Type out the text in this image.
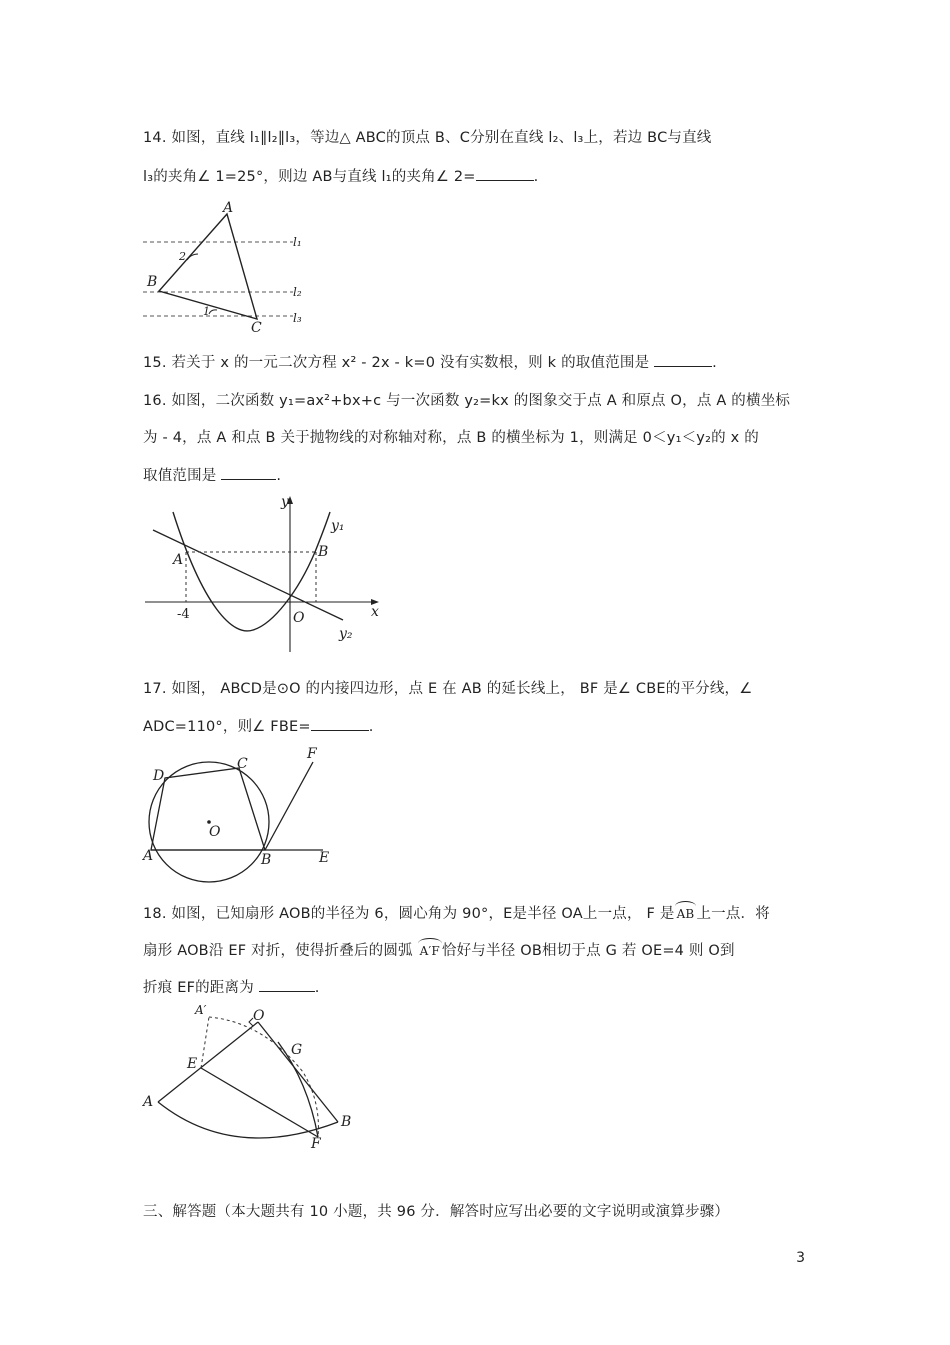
14. 如图，直线 l₁∥l₂∥l₃，等边△ ABC的顶点 B、C分别在直线 l₂、l₃上，若边 BC与直线
l₃的夹角∠ 1=25°，则边 AB与直线 l₁的夹角∠ 2=	.
A
B
C
2
1
l₁
l₂
l₃
15. 若关于 x 的一元二次方程 x² - 2x - k=0 没有实数根，则 k 的取值范围是	.
16. 如图，二次函数 y₁=ax²+bx+c 与一次函数 y₂=kx 的图象交于点 A 和原点 O，点 A 的横坐标
为 - 4，点 A 和点 B 关于抛物线的对称轴对称，点 B 的横坐标为 1，则满足 0＜y₁＜y₂的 x 的
取值范围是	.
y
x
A	B
O
y₁
y₂
-4
17. 如图， ABCD是⊙O 的内接四边形，点 E 在 AB 的延长线上， BF 是∠ CBE的平分线，∠
ADC=110°，则∠ FBE=	.
A	B
C
D
E
F
O
18. 如图，已知扇形 AOB的半径为 6，圆心角为 90°，E是半径 OA上一点， F 是 AB 上一点．将
扇形 AOB沿 EF 对折，使得折叠后的圆弧 A′F 恰好与半径 OB相切于点 G 若 OE=4 则 O到
折痕 EF的距离为	.
A
A′	O
E
G
F
B
三、解答题（本大题共有 10 小题，共 96 分．解答时应写出必要的文字说明或演算步骤）
3
